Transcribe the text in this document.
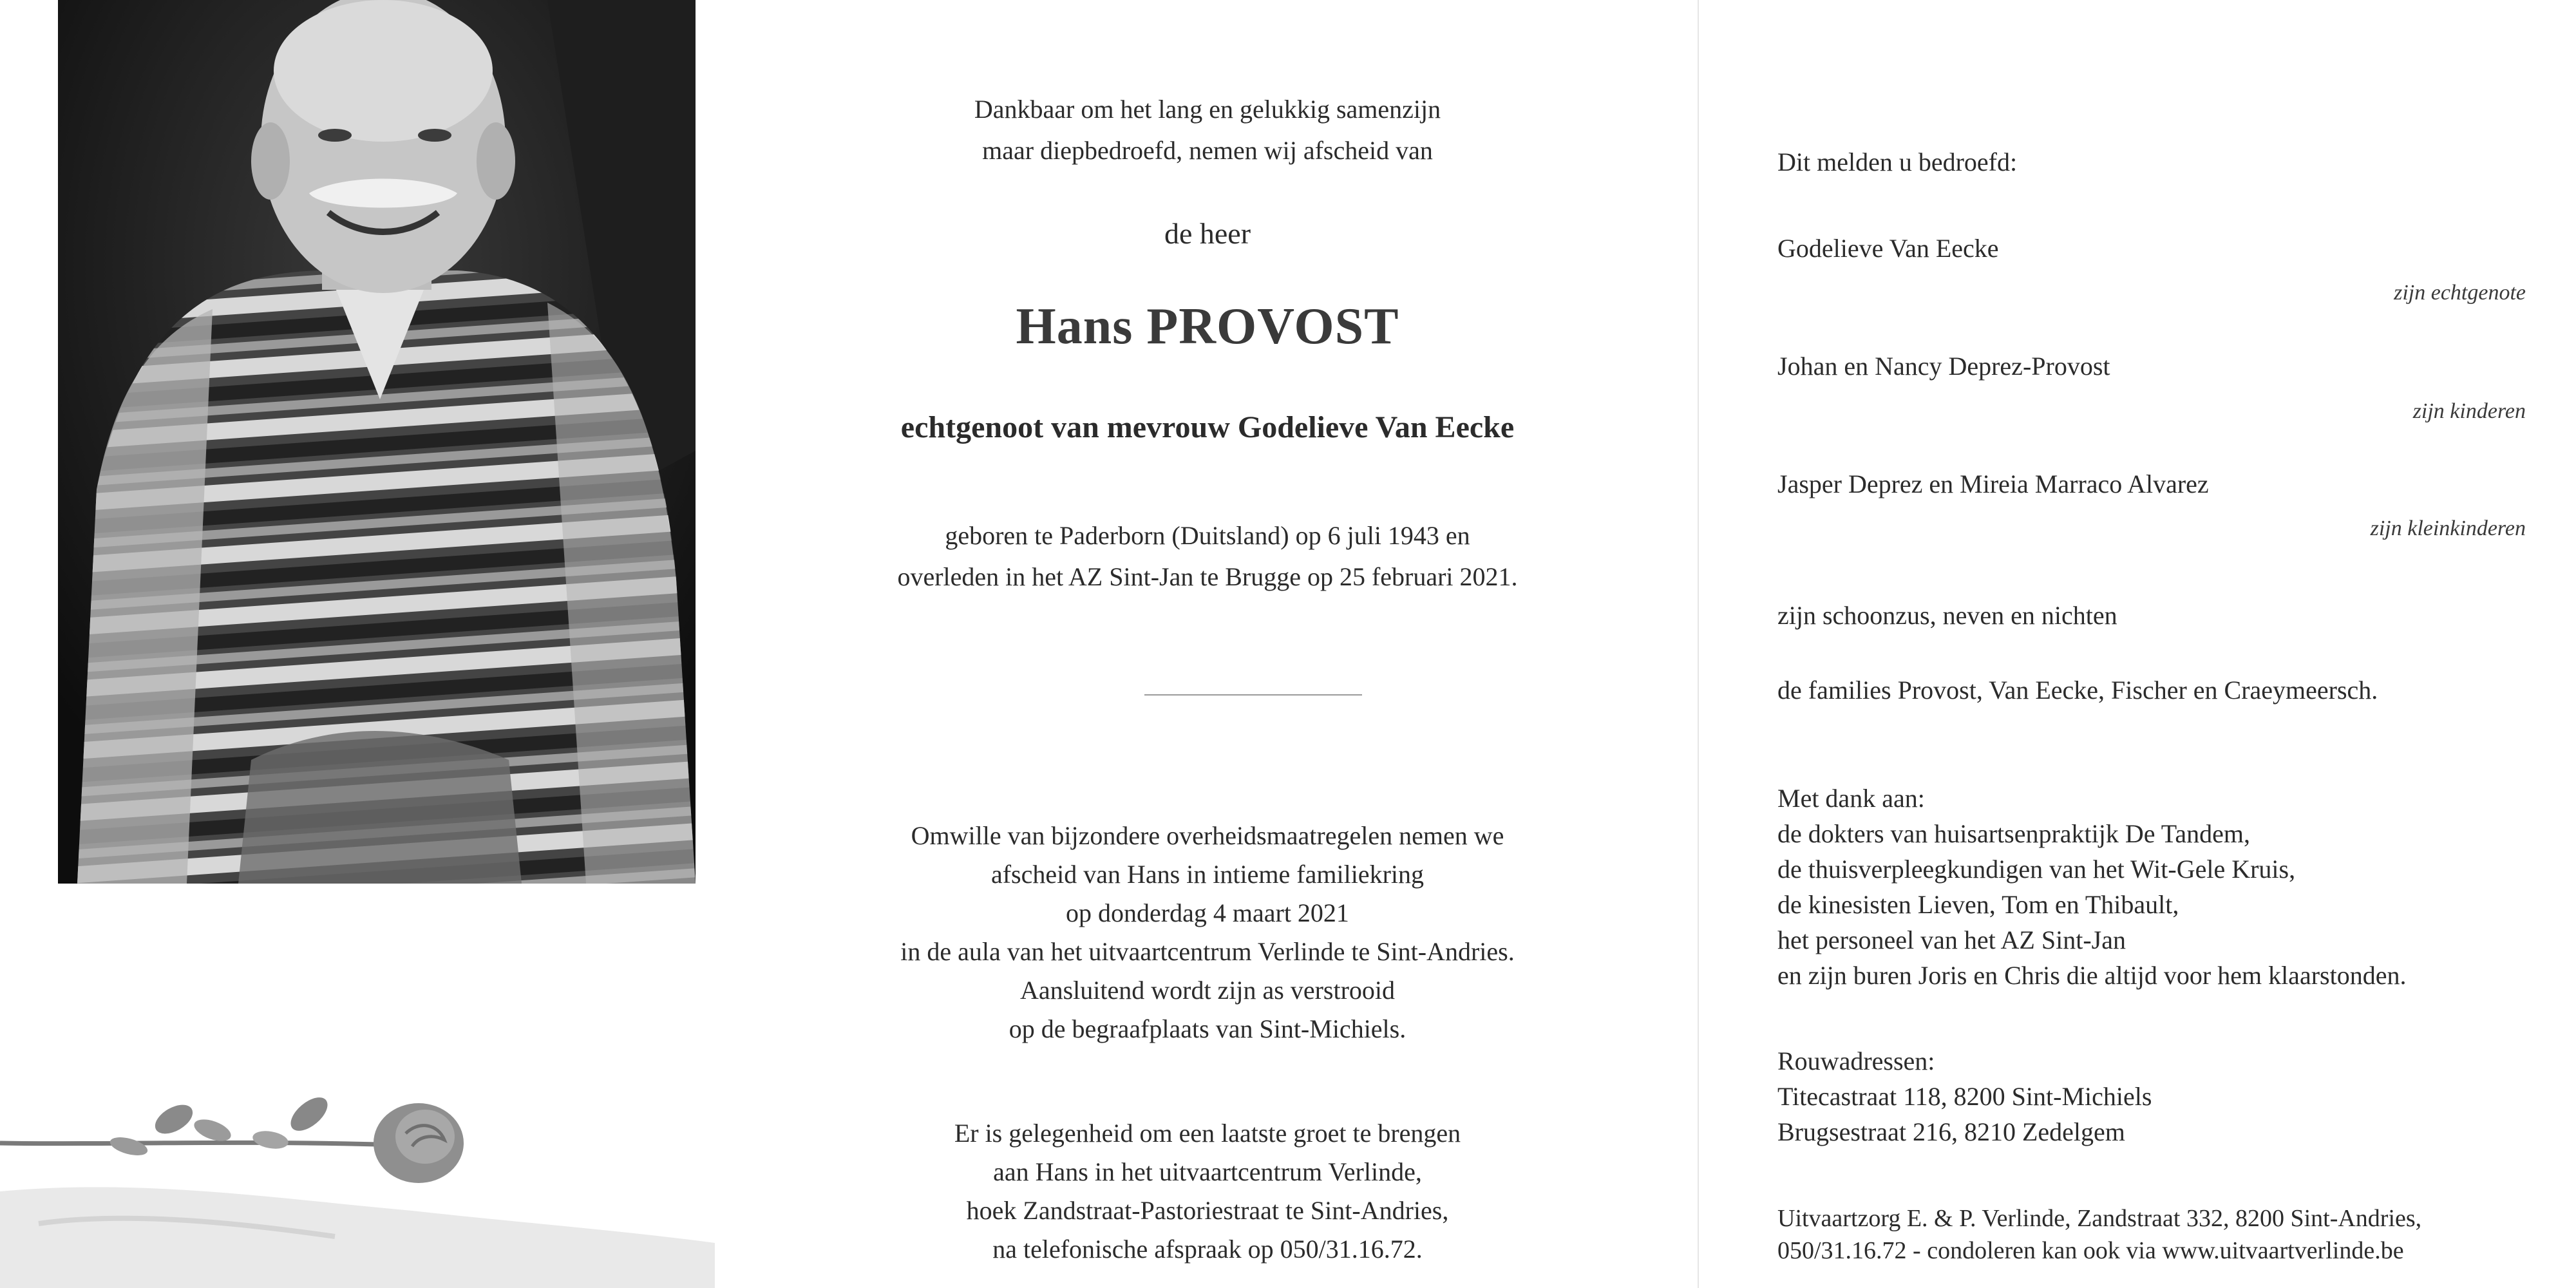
Dankbaar om het lang en gelukkig samenzijn
maar diepbedroefd, nemen wij afscheid van
de heer
Hans PROVOST
echtgenoot van mevrouw Godelieve Van Eecke
geboren te Paderborn (Duitsland) op 6 juli 1943 en
overleden in het AZ Sint-Jan te Brugge op 25 februari 2021.
Omwille van bijzondere overheidsmaatregelen nemen we
afscheid van Hans in intieme familiekring
op donderdag 4 maart 2021
in de aula van het uitvaartcentrum Verlinde te Sint-Andries.
Aansluitend wordt zijn as verstrooid
op de begraafplaats van Sint-Michiels.
Er is gelegenheid om een laatste groet te brengen
aan Hans in het uitvaartcentrum Verlinde,
hoek Zandstraat-Pastoriestraat te Sint-Andries,
na telefonische afspraak op 050/31.16.72.
Dit melden u bedroefd:
Godelieve Van Eecke
zijn echtgenote
Johan en Nancy Deprez-Provost
zijn kinderen
Jasper Deprez en Mireia Marraco Alvarez
zijn kleinkinderen
zijn schoonzus, neven en nichten
de families Provost, Van Eecke, Fischer en Craeymeersch.
Met dank aan:
de dokters van huisartsenpraktijk De Tandem,
de thuisverpleegkundigen van het Wit-Gele Kruis,
de kinesisten Lieven, Tom en Thibault,
het personeel van het AZ Sint-Jan
en zijn buren Joris en Chris die altijd voor hem klaarstonden.
Rouwadressen:
Titecastraat 118, 8200 Sint-Michiels
Brugsestraat 216, 8210 Zedelgem
Uitvaartzorg E. & P. Verlinde, Zandstraat 332, 8200 Sint-Andries,
050/31.16.72 - condoleren kan ook via www.uitvaartverlinde.be
